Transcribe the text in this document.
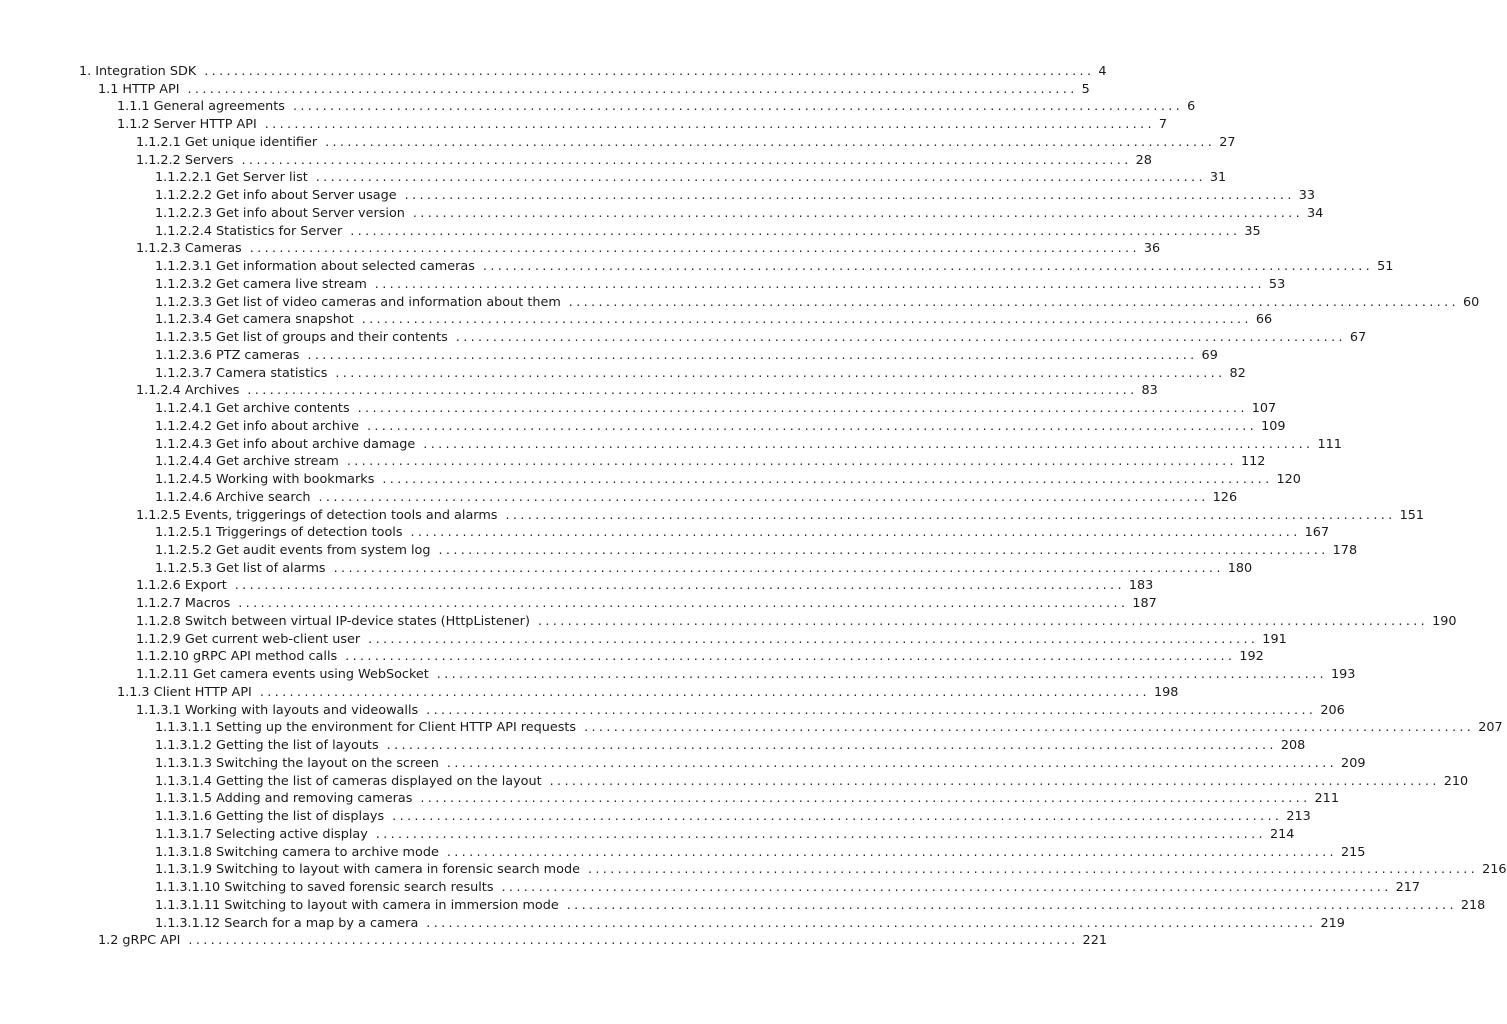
1. Integration SDK ........................................................................................................................ 4
1.1 HTTP API ........................................................................................................................ 5
1.1.1 General agreements ........................................................................................................................ 6
1.1.2 Server HTTP API ........................................................................................................................ 7
1.1.2.1 Get unique identifier ........................................................................................................................ 27
1.1.2.2 Servers ........................................................................................................................ 28
1.1.2.2.1 Get Server list ........................................................................................................................ 31
1.1.2.2.2 Get info about Server usage ........................................................................................................................ 33
1.1.2.2.3 Get info about Server version ........................................................................................................................ 34
1.1.2.2.4 Statistics for Server ........................................................................................................................ 35
1.1.2.3 Cameras ........................................................................................................................ 36
1.1.2.3.1 Get information about selected cameras ........................................................................................................................ 51
1.1.2.3.2 Get camera live stream ........................................................................................................................ 53
1.1.2.3.3 Get list of video cameras and information about them ........................................................................................................................ 60
1.1.2.3.4 Get camera snapshot ........................................................................................................................ 66
1.1.2.3.5 Get list of groups and their contents ........................................................................................................................ 67
1.1.2.3.6 PTZ cameras ........................................................................................................................ 69
1.1.2.3.7 Camera statistics ........................................................................................................................ 82
1.1.2.4 Archives ........................................................................................................................ 83
1.1.2.4.1 Get archive contents ........................................................................................................................ 107
1.1.2.4.2 Get info about archive ........................................................................................................................ 109
1.1.2.4.3 Get info about archive damage ........................................................................................................................ 111
1.1.2.4.4 Get archive stream ........................................................................................................................ 112
1.1.2.4.5 Working with bookmarks ........................................................................................................................ 120
1.1.2.4.6 Archive search ........................................................................................................................ 126
1.1.2.5 Events, triggerings of detection tools and alarms ........................................................................................................................ 151
1.1.2.5.1 Triggerings of detection tools ........................................................................................................................ 167
1.1.2.5.2 Get audit events from system log ........................................................................................................................ 178
1.1.2.5.3 Get list of alarms ........................................................................................................................ 180
1.1.2.6 Export ........................................................................................................................ 183
1.1.2.7 Macros ........................................................................................................................ 187
1.1.2.8 Switch between virtual IP-device states (HttpListener) ........................................................................................................................ 190
1.1.2.9 Get current web-client user ........................................................................................................................ 191
1.1.2.10 gRPC API method calls ........................................................................................................................ 192
1.1.2.11 Get camera events using WebSocket ........................................................................................................................ 193
1.1.3 Client HTTP API ........................................................................................................................ 198
1.1.3.1 Working with layouts and videowalls ........................................................................................................................ 206
1.1.3.1.1 Setting up the environment for Client HTTP API requests ........................................................................................................................ 207
1.1.3.1.2 Getting the list of layouts ........................................................................................................................ 208
1.1.3.1.3 Switching the layout on the screen ........................................................................................................................ 209
1.1.3.1.4 Getting the list of cameras displayed on the layout ........................................................................................................................ 210
1.1.3.1.5 Adding and removing cameras ........................................................................................................................ 211
1.1.3.1.6 Getting the list of displays ........................................................................................................................ 213
1.1.3.1.7 Selecting active display ........................................................................................................................ 214
1.1.3.1.8 Switching camera to archive mode ........................................................................................................................ 215
1.1.3.1.9 Switching to layout with camera in forensic search mode ........................................................................................................................ 216
1.1.3.1.10 Switching to saved forensic search results ........................................................................................................................ 217
1.1.3.1.11 Switching to layout with camera in immersion mode ........................................................................................................................ 218
1.1.3.1.12 Search for a map by a camera ........................................................................................................................ 219
1.2 gRPC API ........................................................................................................................ 221
